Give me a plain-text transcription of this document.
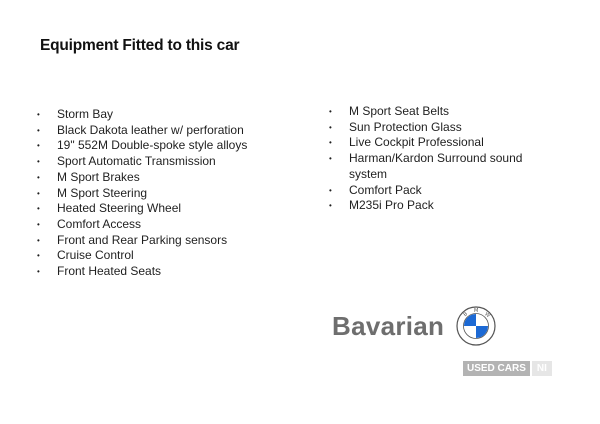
Equipment Fitted to this car
• Storm Bay
• Black Dakota leather w/ perforation
• 19" 552M Double-spoke style alloys
• Sport Automatic Transmission
• M Sport Brakes
• M Sport Steering
• Heated Steering Wheel
• Comfort Access
• Front and Rear Parking sensors
• Cruise Control
• Front Heated Seats
• M Sport Seat Belts
• Sun Protection Glass
• Live Cockpit Professional
• Harman/Kardon Surround sound system
• Comfort Pack
• M235i Pro Pack
Bavarian	B
M
W
USED CARS	NI
